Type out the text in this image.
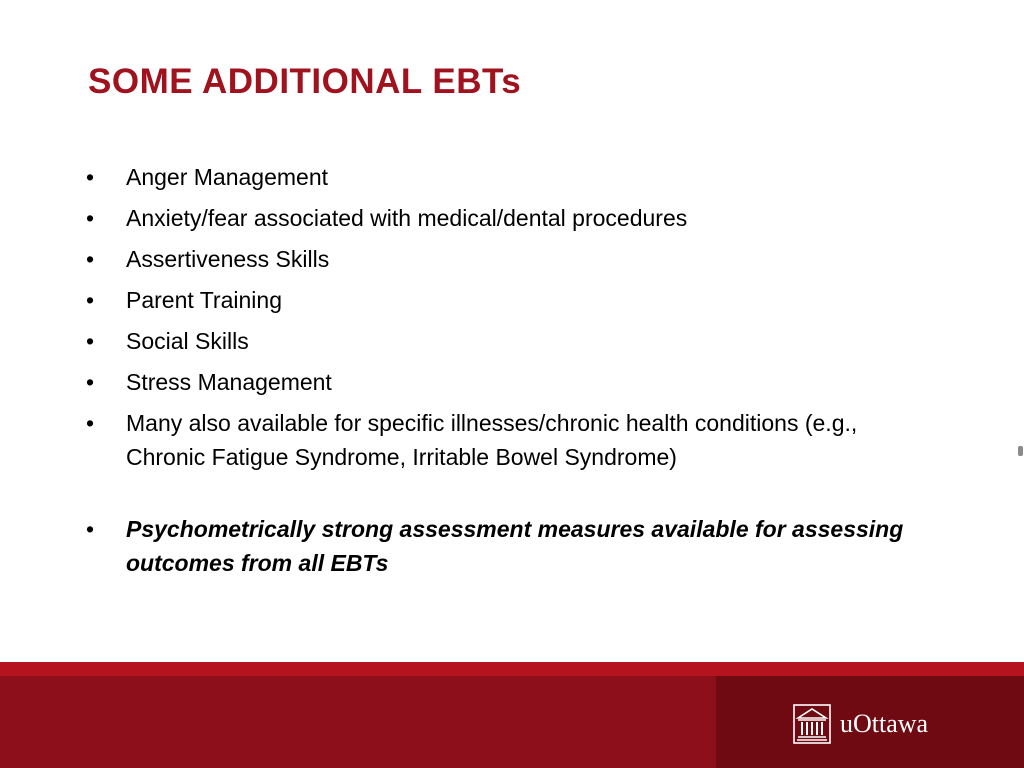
SOME ADDITIONAL EBTs
• Anger Management
• Anxiety/fear associated with medical/dental procedures
• Assertiveness Skills
• Parent Training
• Social Skills
• Stress Management
• Many also available for specific illnesses/chronic health conditions (e.g., Chronic Fatigue Syndrome, Irritable Bowel Syndrome)
• Psychometrically strong assessment measures available for assessing outcomes from all EBTs
uOttawa
